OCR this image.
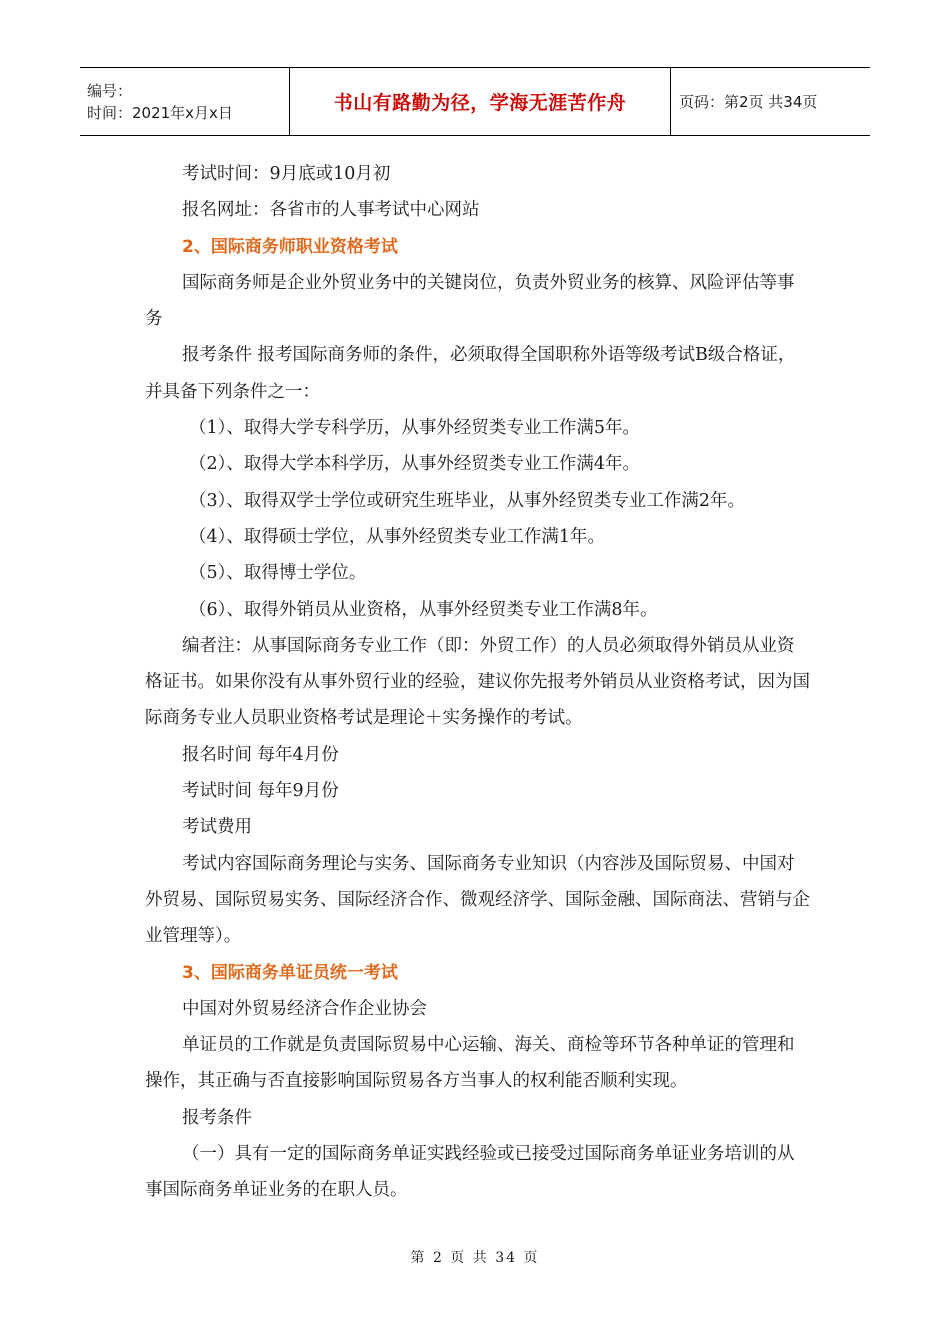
编号：
时间：2021年x月x日	书山有路勤为径，学海无涯苦作舟	页码：第2页 共34页

考试时间：9月底或10月初

报名网址：各省市的人事考试中心网站

2、国际商务师职业资格考试

国际商务师是企业外贸业务中的关键岗位，负责外贸业务的核算、风险评估等事务

报考条件 报考国际商务师的条件，必须取得全国职称外语等级考试B级合格证，并具备下列条件之一：

（1）、取得大学专科学历，从事外经贸类专业工作满5年。

（2）、取得大学本科学历，从事外经贸类专业工作满4年。

（3）、取得双学士学位或研究生班毕业，从事外经贸类专业工作满2年。

（4）、取得硕士学位，从事外经贸类专业工作满1年。

（5）、取得博士学位。

（6）、取得外销员从业资格，从事外经贸类专业工作满8年。

编者注：从事国际商务专业工作（即：外贸工作）的人员必须取得外销员从业资格证书。如果你没有从事外贸行业的经验，建议你先报考外销员从业资格考试，因为国际商务专业人员职业资格考试是理论＋实务操作的考试。

报名时间 每年4月份

考试时间 每年9月份

考试费用

考试内容国际商务理论与实务、国际商务专业知识（内容涉及国际贸易、中国对外贸易、国际贸易实务、国际经济合作、微观经济学、国际金融、国际商法、营销与企业管理等）。

3、国际商务单证员统一考试

中国对外贸易经济合作企业协会

单证员的工作就是负责国际贸易中心运输、海关、商检等环节各种单证的管理和操作，其正确与否直接影响国际贸易各方当事人的权利能否顺利实现。

报考条件

（一）具有一定的国际商务单证实践经验或已接受过国际商务单证业务培训的从事国际商务单证业务的在职人员。

第 2 页 共 34 页
